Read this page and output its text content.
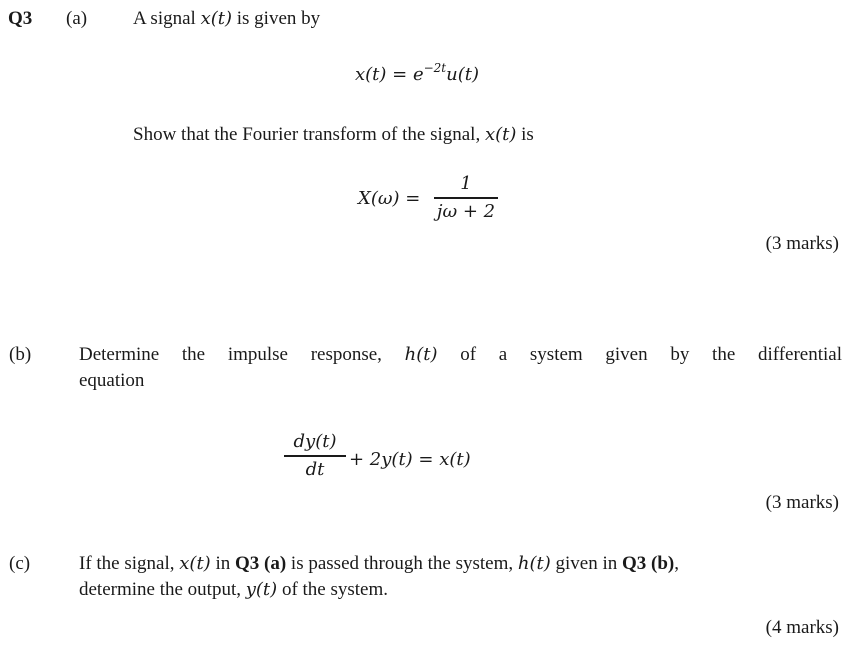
Q3 (a) A signal x(t) is given by
$x(t) = e^{-2t}u(t)$
Show that the Fourier transform of the signal, x(t) is
X(ω) =
1
jω + 2
(3 marks)
(b)	Determine the impulse response, h(t) of a system given by the differential
equation
dy(t)
dt + 2y(t) = x(t)
(3 marks)
(c)	If the signal, x(t) in Q3 (a) is passed through the system, h(t) given in Q3 (b),
determine the output, y(t) of the system.
(4 marks)
